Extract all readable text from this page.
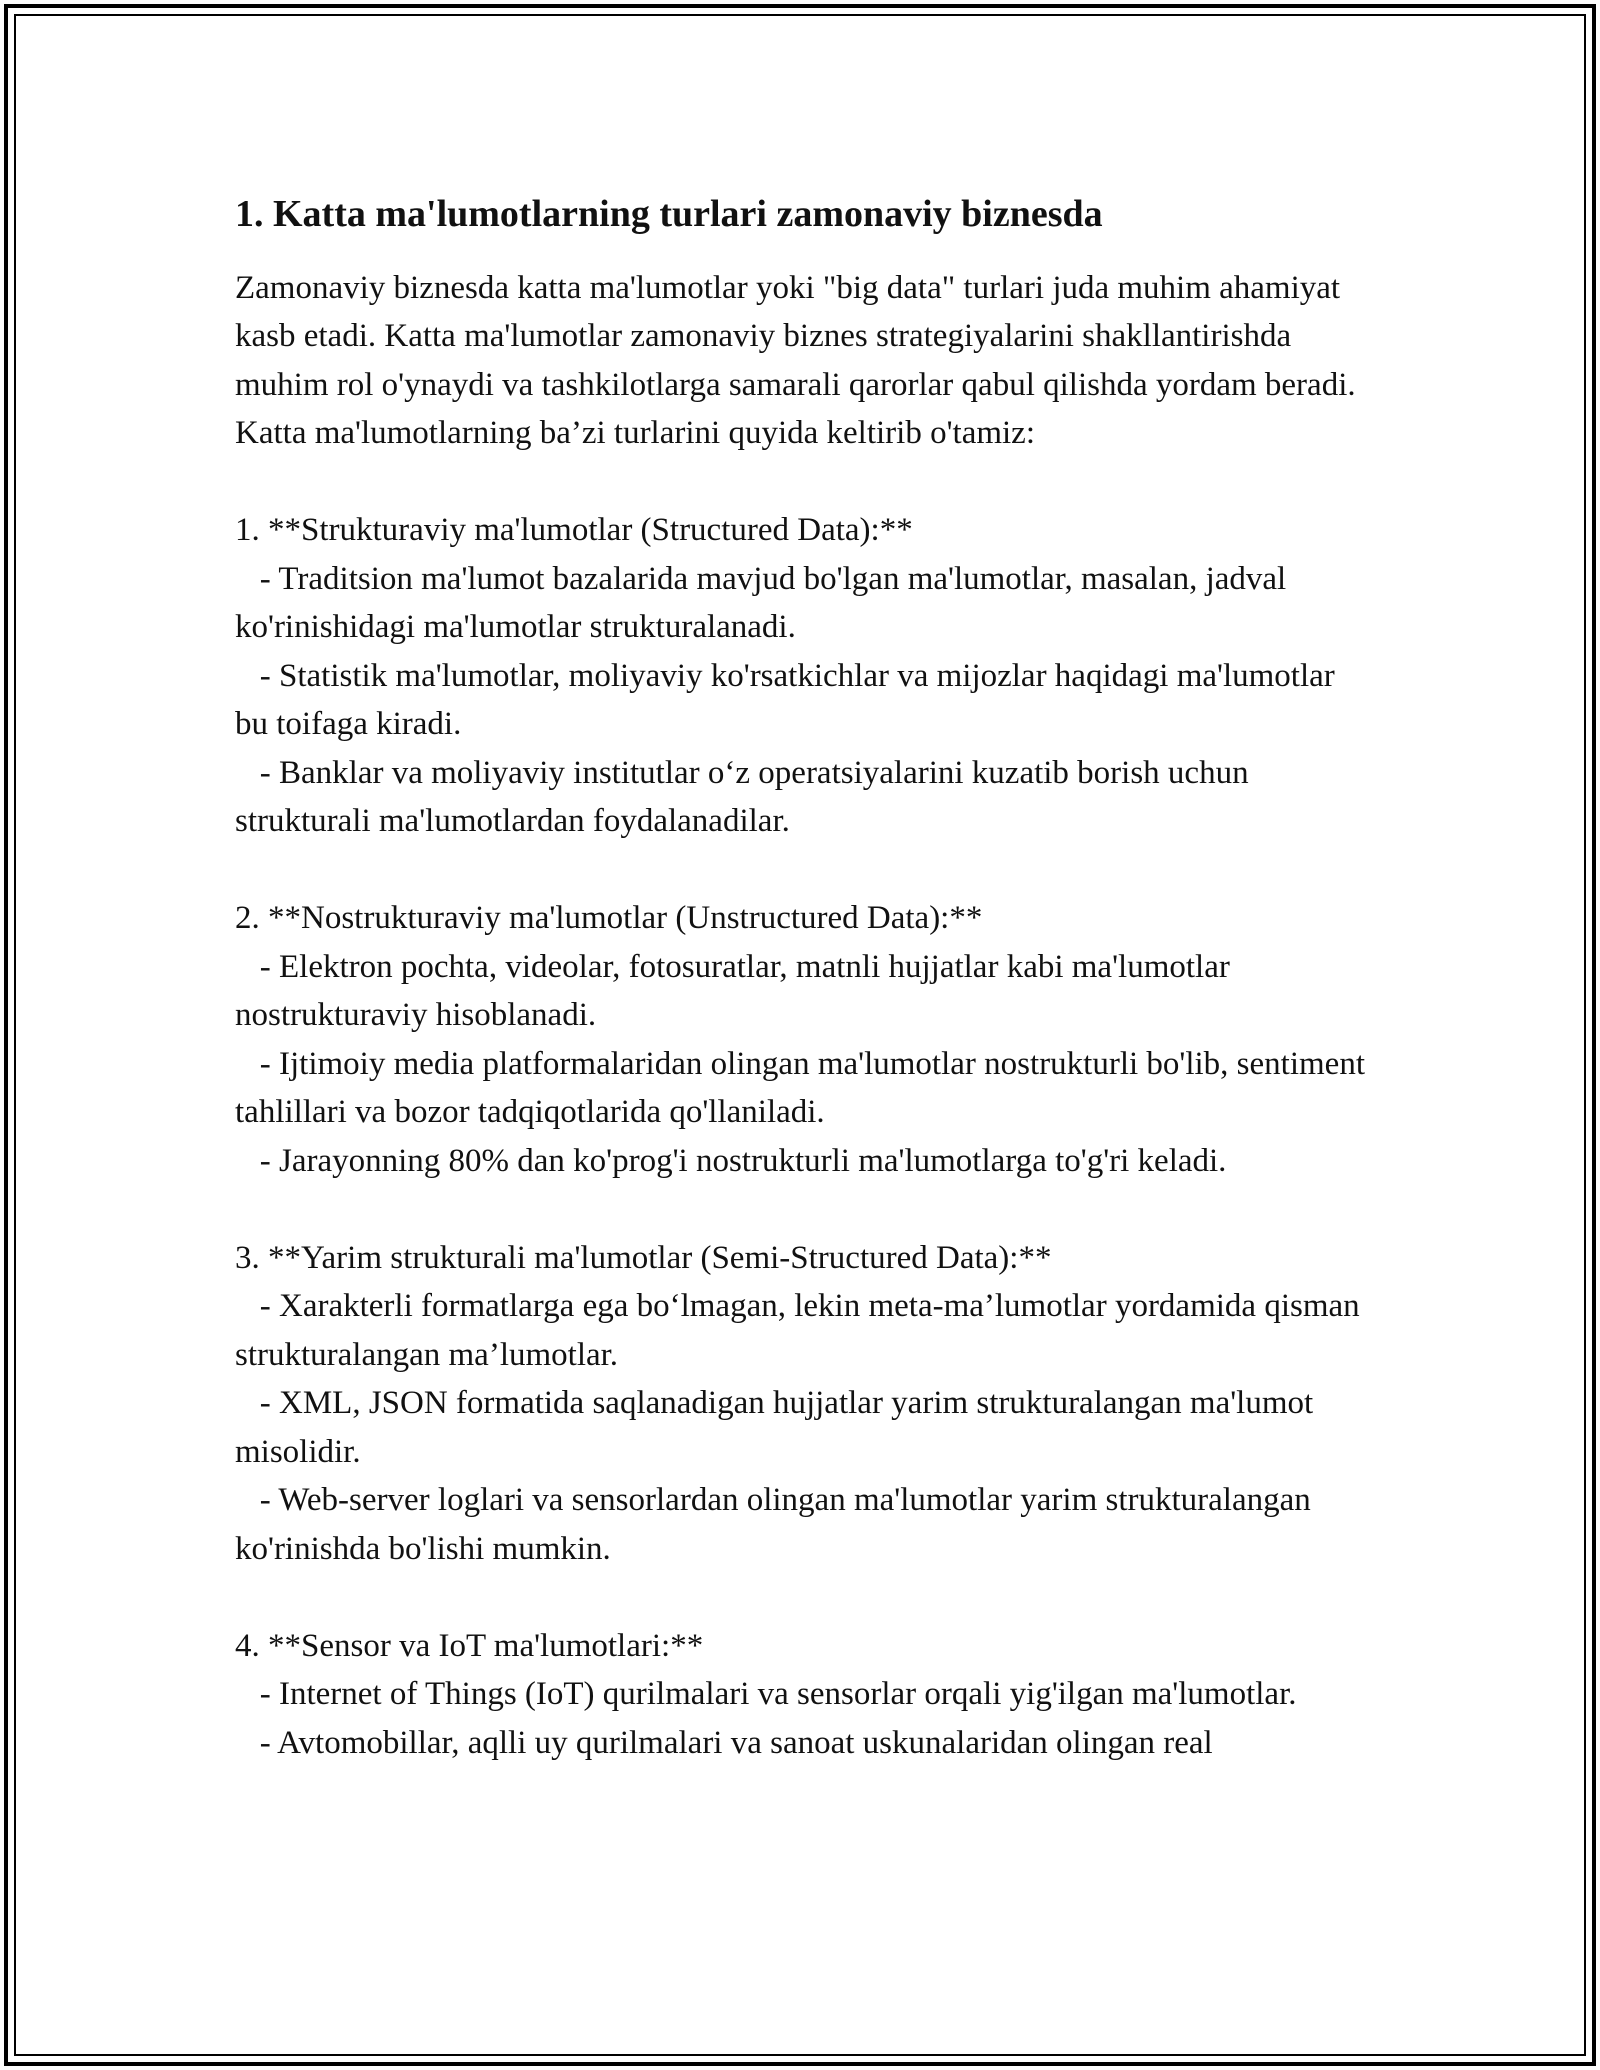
1. Katta ma'lumotlarning turlari zamonaviy biznesda

Zamonaviy biznesda katta ma'lumotlar yoki "big data" turlari juda muhim ahamiyat kasb etadi. Katta ma'lumotlar zamonaviy biznes strategiyalarini shakllantirishda muhim rol o'ynaydi va tashkilotlarga samarali qarorlar qabul qilishda yordam beradi. Katta ma'lumotlarning ba’zi turlarini quyida keltirib o'tamiz:

1. **Strukturaviy ma'lumotlar (Structured Data):**

- Traditsion ma'lumot bazalarida mavjud bo'lgan ma'lumotlar, masalan, jadval ko'rinishidagi ma'lumotlar strukturalanadi.

- Statistik ma'lumotlar, moliyaviy ko'rsatkichlar va mijozlar haqidagi ma'lumotlar bu toifaga kiradi.

- Banklar va moliyaviy institutlar o‘z operatsiyalarini kuzatib borish uchun strukturali ma'lumotlardan foydalanadilar.

2. **Nostrukturaviy ma'lumotlar (Unstructured Data):**

- Elektron pochta, videolar, fotosuratlar, matnli hujjatlar kabi ma'lumotlar nostrukturaviy hisoblanadi.

- Ijtimoiy media platformalaridan olingan ma'lumotlar nostrukturli bo'lib, sentiment tahlillari va bozor tadqiqotlarida qo'llaniladi.

- Jarayonning 80% dan ko'prog'i nostrukturli ma'lumotlarga to'g'ri keladi.

3. **Yarim strukturali ma'lumotlar (Semi-Structured Data):**

- Xarakterli formatlarga ega bo‘lmagan, lekin meta-ma’lumotlar yordamida qisman strukturalangan ma’lumotlar.

- XML, JSON formatida saqlanadigan hujjatlar yarim strukturalangan ma'lumot misolidir.

- Web-server loglari va sensorlardan olingan ma'lumotlar yarim strukturalangan ko'rinishda bo'lishi mumkin.

4. **Sensor va IoT ma'lumotlari:**

- Internet of Things (IoT) qurilmalari va sensorlar orqali yig'ilgan ma'lumotlar.

- Avtomobillar, aqlli uy qurilmalari va sanoat uskunalaridan olingan real
